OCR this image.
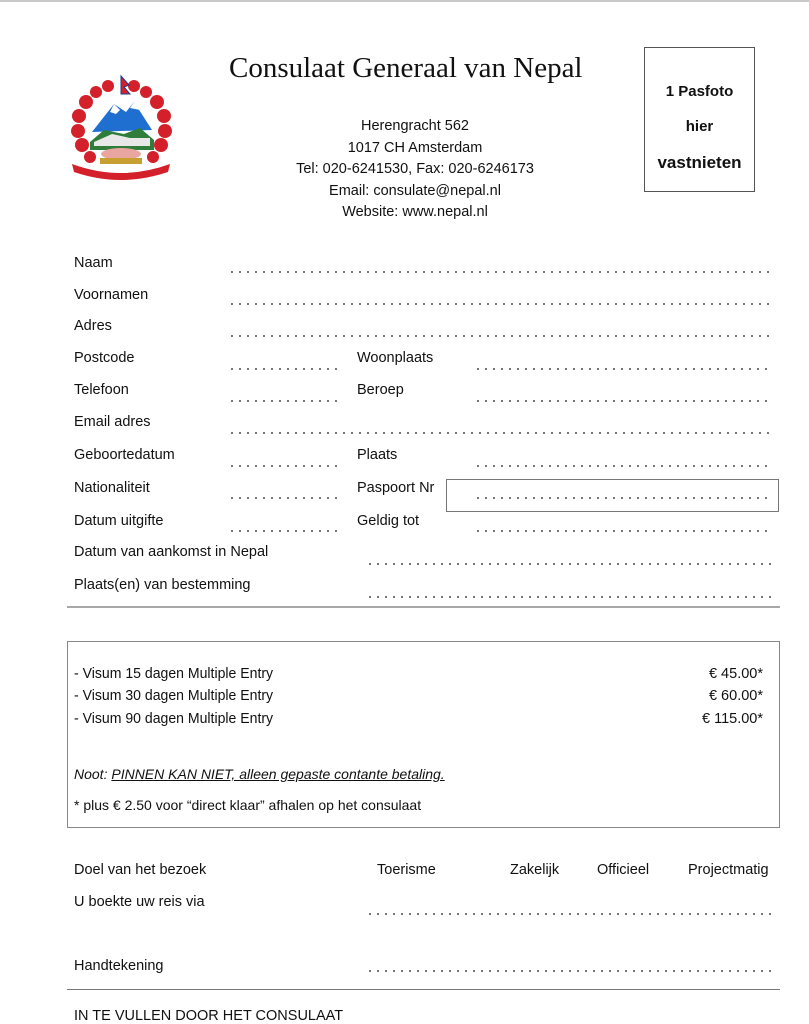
Consulaat Generaal van Nepal
Herengracht 562
1017 CH Amsterdam
Tel: 020-6241530, Fax: 020-6246173
Email: consulate@nepal.nl
Website: www.nepal.nl
1 Pasfoto
hier
vastnieten
Naam
Voornamen
Adres
Postcode	Woonplaats
Telefoon	Beroep
Email adres
Geboortedatum	Plaats
Nationaliteit	Paspoort Nr
Datum uitgifte	Geldig tot
Datum van aankomst in Nepal
Plaats(en) van bestemming
- Visum 15 dagen Multiple Entry	€ 45.00*
- Visum 30 dagen Multiple Entry	€ 60.00*
- Visum 90 dagen Multiple Entry	€ 115.00*
Noot: PINNEN KAN NIET, alleen gepaste contante betaling.
* plus € 2.50 voor “direct klaar” afhalen op het consulaat
Doel van het bezoek	Toerisme	Zakelijk	Officieel	Projectmatig
U boekte uw reis via
Handtekening
IN TE VULLEN DOOR HET CONSULAAT
